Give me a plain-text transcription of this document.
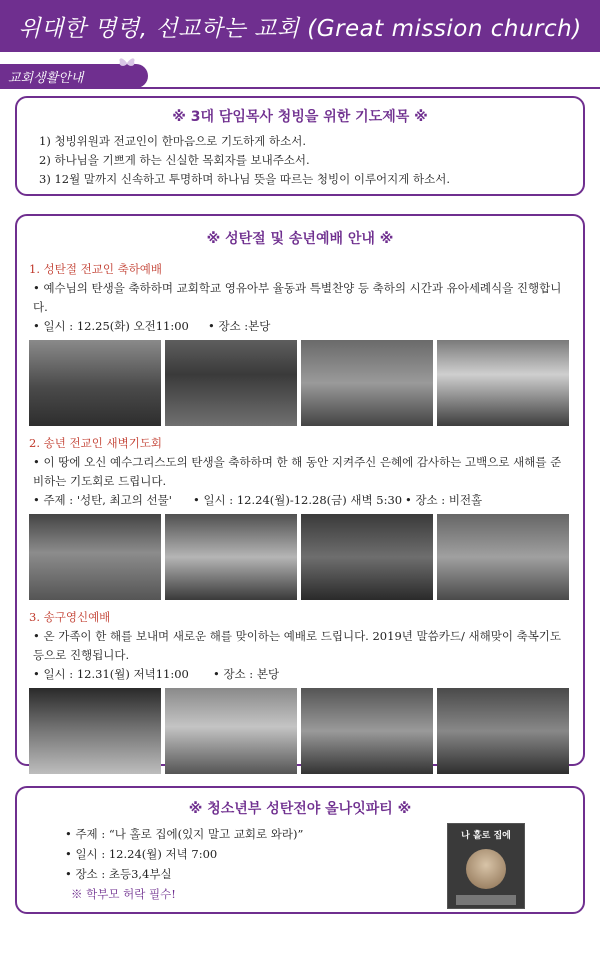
위대한 명령, 선교하는 교회 (Great mission church)
교회생활안내
※ 3대 담임목사 청빙을 위한 기도제목 ※
1) 청빙위원과 전교인이 한마음으로 기도하게 하소서.
2) 하나님을 기쁘게 하는 신실한 목회자를 보내주소서.
3) 12월 말까지 신속하고 투명하며 하나님 뜻을 따르는 청빙이 이루어지게 하소서.
※ 성탄절 및 송년예배 안내 ※
1. 성탄절 전교인 축하예배
• 예수님의 탄생을 축하하며 교회학교 영유아부 율동과 특별찬양 등 축하의 시간과 유아세례식을 진행합니다.
• 일시 : 12.25(화) 오전11:00	• 장소 :본당
2. 송년 전교인 새벽기도회
• 이 땅에 오신 예수그리스도의 탄생을 축하하며 한 해 동안 지켜주신 은혜에 감사하는 고백으로 새해를 준비하는 기도회로 드립니다.
• 주제 : '성탄, 최고의 선물'	• 일시 : 12.24(월)-12.28(금) 새벽 5:30 • 장소 : 비전홀
3. 송구영신예배
• 온 가족이 한 해를 보내며 새로운 해를 맞이하는 예배로 드립니다. 2019년 말씀카드/ 새해맞이 축복기도 등으로 진행됩니다.
• 일시 : 12.31(월) 저녁11:00	• 장소 : 본당
※ 청소년부 성탄전야 올나잇파티 ※
• 주제 : “나 홀로 집에(있지 말고 교회로 와라)”
• 일시 : 12.24(월) 저녁 7:00
• 장소 : 초등3,4부실
※ 학부모 허락 필수!
나 홀로 집에
